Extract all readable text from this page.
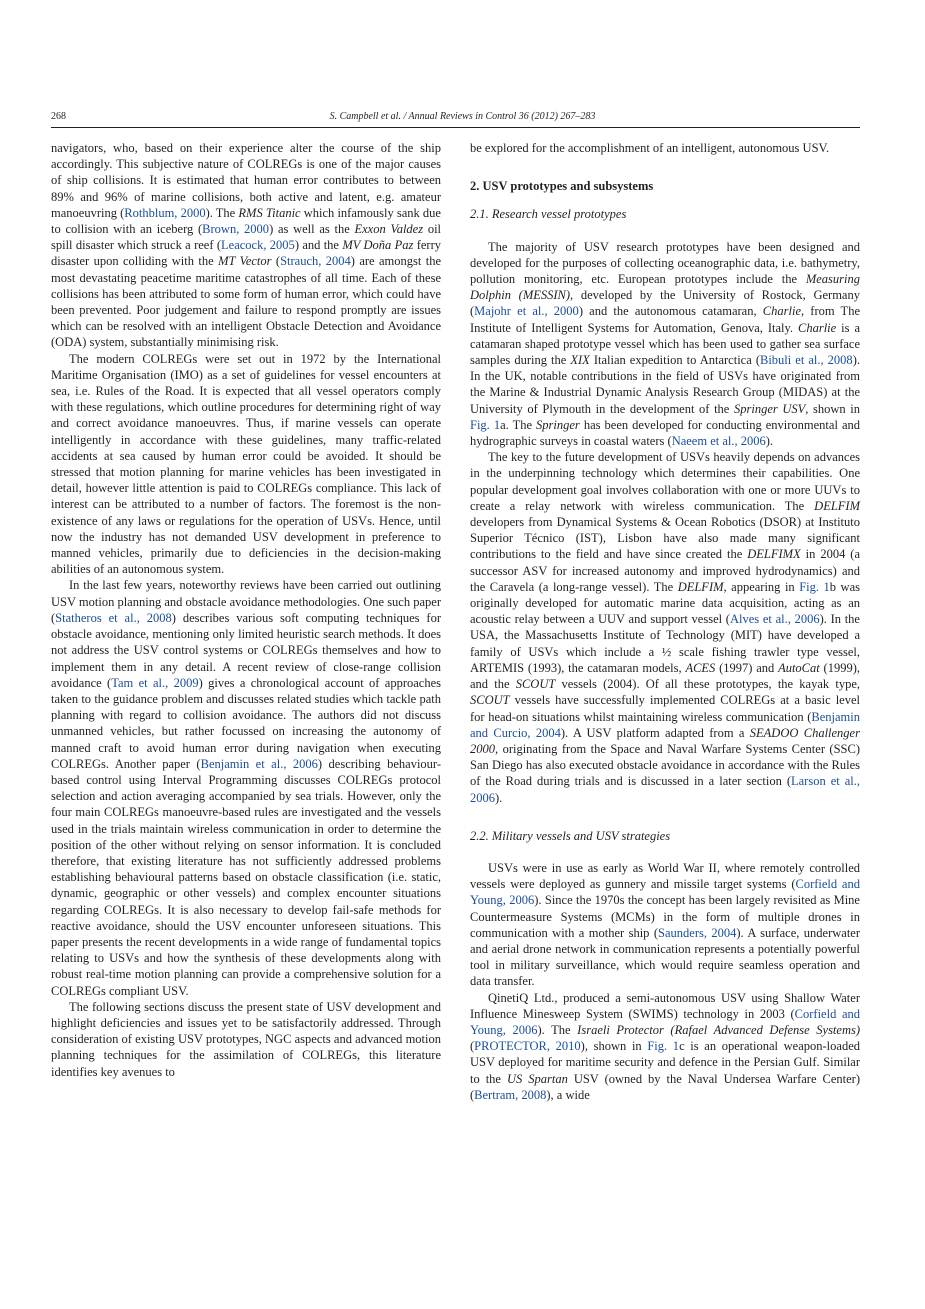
268	S. Campbell et al. / Annual Reviews in Control 36 (2012) 267–283

navigators, who, based on their experience alter the course of the ship accordingly. This subjective nature of COLREGs is one of the major causes of ship collisions. It is estimated that human error contributes to between 89% and 96% of marine collisions, both active and latent, e.g. amateur manoeuvring (Rothblum, 2000). The RMS Titanic which infamously sank due to collision with an iceberg (Brown, 2000) as well as the Exxon Valdez oil spill disaster which struck a reef (Leacock, 2005) and the MV Doña Paz ferry disaster upon colliding with the MT Vector (Strauch, 2004) are amongst the most devastating peacetime maritime catastrophes of all time. Each of these collisions has been attributed to some form of human error, which could have been prevented. Poor judgement and failure to respond promptly are issues which can be resolved with an intelligent Obstacle Detection and Avoidance (ODA) system, substantially minimising risk.

The modern COLREGs were set out in 1972 by the International Maritime Organisation (IMO) as a set of guidelines for vessel encounters at sea, i.e. Rules of the Road. It is expected that all vessel operators comply with these regulations, which outline procedures for determining right of way and correct avoidance manoeuvres. Thus, if marine vessels can operate intelligently in accordance with these guidelines, many traffic-related accidents at sea caused by human error could be avoided. It should be stressed that motion planning for marine vehicles has been investigated in detail, however little attention is paid to COLREGs compliance. This lack of interest can be attributed to a number of factors. The foremost is the non-existence of any laws or regulations for the operation of USVs. Hence, until now the industry has not demanded USV development in preference to manned vehicles, primarily due to deficiencies in the decision-making abilities of an autonomous system.

In the last few years, noteworthy reviews have been carried out outlining USV motion planning and obstacle avoidance methodologies. One such paper (Statheros et al., 2008) describes various soft computing techniques for obstacle avoidance, mentioning only limited heuristic search methods. It does not address the USV control systems or COLREGs themselves and how to implement them in any detail. A recent review of close-range collision avoidance (Tam et al., 2009) gives a chronological account of approaches taken to the guidance problem and discusses related studies which tackle path planning with regard to collision avoidance. The authors did not discuss unmanned vehicles, but rather focussed on increasing the autonomy of manned craft to avoid human error during navigation when executing COLREGs. Another paper (Benjamin et al., 2006) describing behaviour-based control using Interval Programming discusses COLREGs protocol selection and action averaging accompanied by sea trials. However, only the four main COLREGs manoeuvre-based rules are investigated and the vessels used in the trials maintain wireless communication in order to determine the position of the other without relying on sensor information. It is concluded therefore, that existing literature has not sufficiently addressed problems establishing behavioural patterns based on obstacle classification (i.e. static, dynamic, geographic or other vessels) and complex encounter situations regarding COLREGs. It is also necessary to develop fail-safe methods for reactive avoidance, should the USV encounter unforeseen situations. This paper presents the recent developments in a wide range of fundamental topics relating to USVs and how the synthesis of these developments along with robust real-time motion planning can provide a comprehensive solution for a COLREGs compliant USV.

The following sections discuss the present state of USV development and highlight deficiencies and issues yet to be satisfactorily addressed. Through consideration of existing USV prototypes, NGC aspects and advanced motion planning techniques for the assimilation of COLREGs, this literature identifies key avenues to

be explored for the accomplishment of an intelligent, autonomous USV.

2. USV prototypes and subsystems
2.1. Research vessel prototypes

The majority of USV research prototypes have been designed and developed for the purposes of collecting oceanographic data, i.e. bathymetry, pollution monitoring, etc. European prototypes include the Measuring Dolphin (MESSIN), developed by the University of Rostock, Germany (Majohr et al., 2000) and the autonomous catamaran, Charlie, from The Institute of Intelligent Systems for Automation, Genova, Italy. Charlie is a catamaran shaped prototype vessel which has been used to gather sea surface samples during the XIX Italian expedition to Antarctica (Bibuli et al., 2008). In the UK, notable contributions in the field of USVs have originated from the Marine & Industrial Dynamic Analysis Research Group (MIDAS) at the University of Plymouth in the development of the Springer USV, shown in Fig. 1a. The Springer has been developed for conducting environmental and hydrographic surveys in coastal waters (Naeem et al., 2006).

The key to the future development of USVs heavily depends on advances in the underpinning technology which determines their capabilities. One popular development goal involves collaboration with one or more UUVs to create a relay network with wireless communication. The DELFIM developers from Dynamical Systems & Ocean Robotics (DSOR) at Instituto Superior Técnico (IST), Lisbon have also made many significant contributions to the field and have since created the DELFIMX in 2004 (a successor ASV for increased autonomy and improved hydrodynamics) and the Caravela (a long-range vessel). The DELFIM, appearing in Fig. 1b was originally developed for automatic marine data acquisition, acting as an acoustic relay between a UUV and support vessel (Alves et al., 2006). In the USA, the Massachusetts Institute of Technology (MIT) have developed a family of USVs which include a ½ scale fishing trawler type vessel, ARTEMIS (1993), the catamaran models, ACES (1997) and AutoCat (1999), and the SCOUT vessels (2004). Of all these prototypes, the kayak type, SCOUT vessels have successfully implemented COLREGs at a basic level for head-on situations whilst maintaining wireless communication (Benjamin and Curcio, 2004). A USV platform adapted from a SEADOO Challenger 2000, originating from the Space and Naval Warfare Systems Center (SSC) San Diego has also executed obstacle avoidance in accordance with the Rules of the Road during trials and is discussed in a later section (Larson et al., 2006).

2.2. Military vessels and USV strategies

USVs were in use as early as World War II, where remotely controlled vessels were deployed as gunnery and missile target systems (Corfield and Young, 2006). Since the 1970s the concept has been largely revisited as Mine Countermeasure Systems (MCMs) in the form of multiple drones in communication with a mother ship (Saunders, 2004). A surface, underwater and aerial drone network in communication represents a potentially powerful tool in military surveillance, which would require seamless operation and data transfer.

QinetiQ Ltd., produced a semi-autonomous USV using Shallow Water Influence Minesweep System (SWIMS) technology in 2003 (Corfield and Young, 2006). The Israeli Protector (Rafael Advanced Defense Systems) (PROTECTOR, 2010), shown in Fig. 1c is an operational weapon-loaded USV deployed for maritime security and defence in the Persian Gulf. Similar to the US Spartan USV (owned by the Naval Undersea Warfare Center) (Bertram, 2008), a wide
